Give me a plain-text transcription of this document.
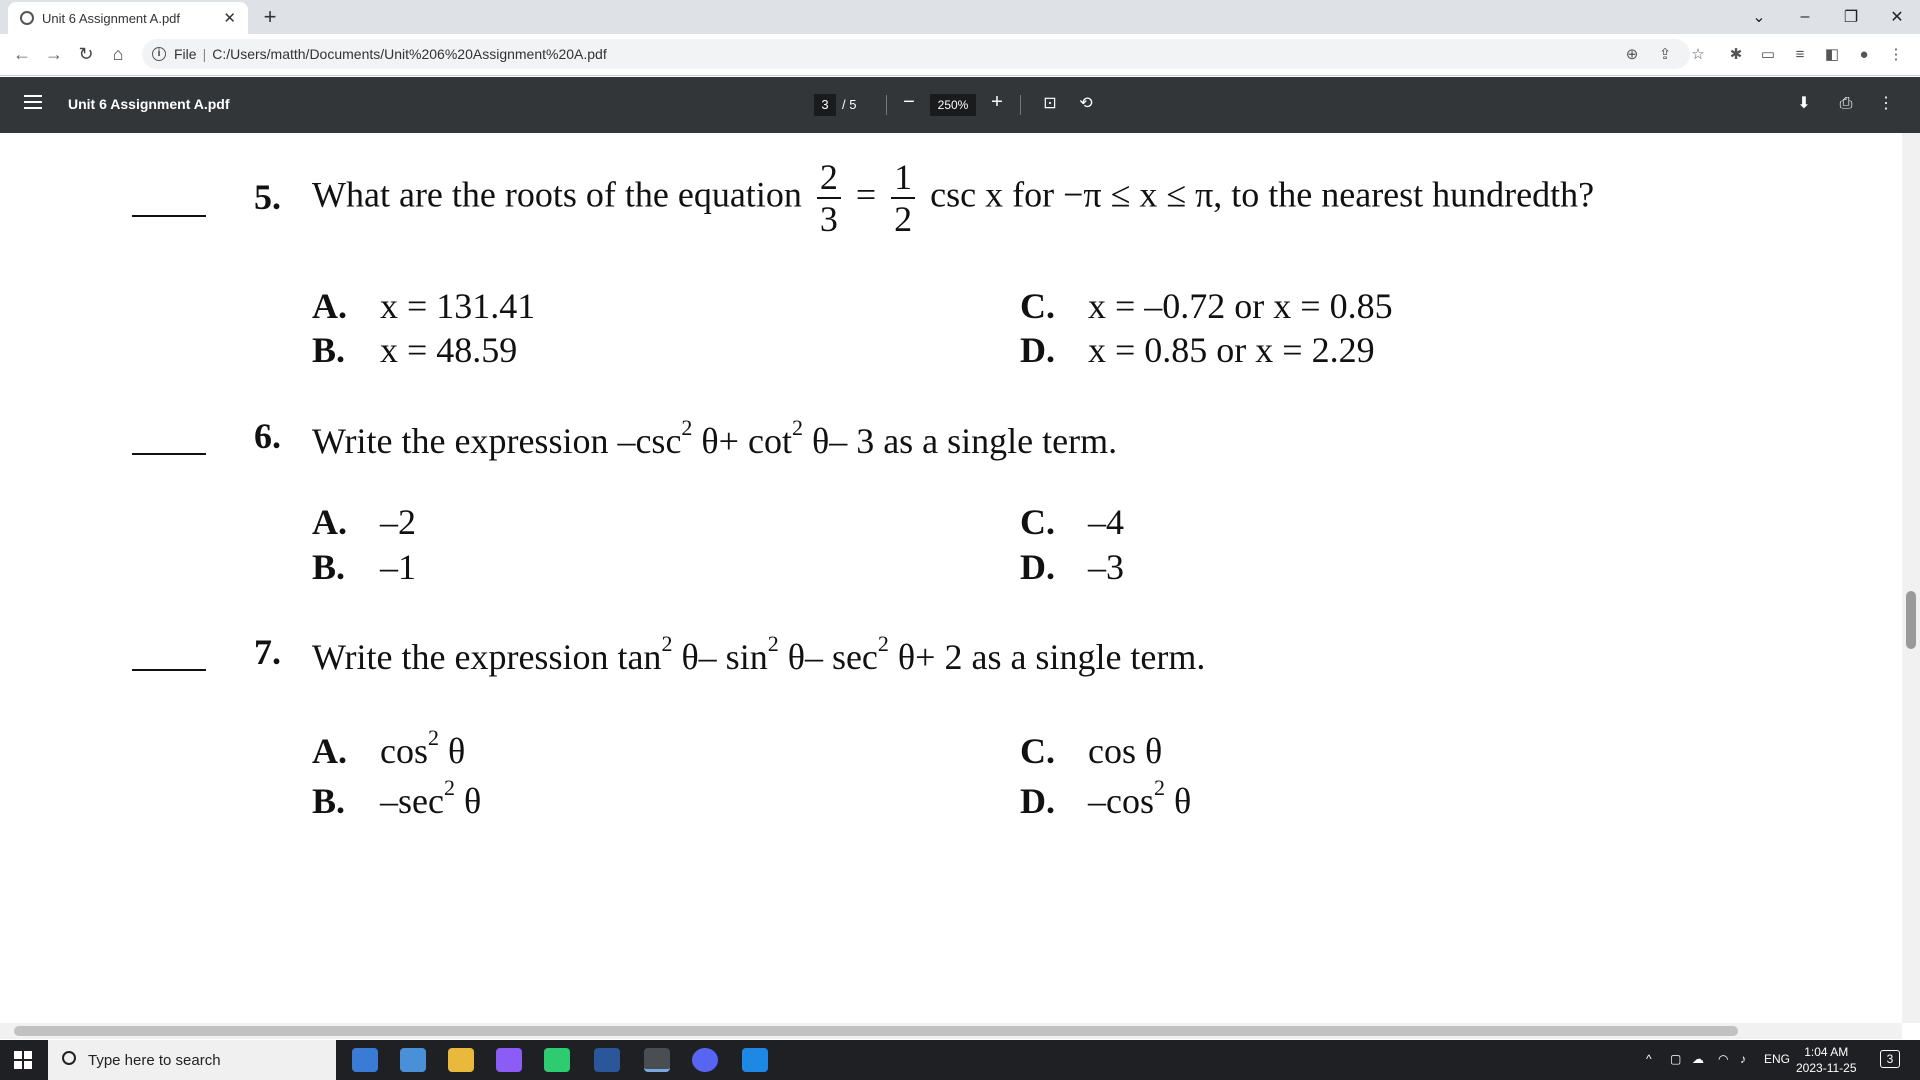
Unit 6 Assignment A.pdf	✕	+	⌄	–	❐	✕
← → ↻	⌂	i File | C:/Users/matth/Documents/Unit%206%20Assignment%20A.pdf	⊕ ⇪ ☆ ✱ ▭	≡	◧	●	⋮
Unit 6 Assignment A.pdf	3	/ 5 −	250%	+	⊡	⟲	⬇	⎙	⋮
5. What are the roots of the equation $\frac{2}{3} = \frac{1}{2}$ csc x for −π ≤ x ≤ π, to the nearest hundredth?
A. x = 131.41
B. x = 48.59
C. x = –0.72 or x = 0.85
D. x = 0.85 or x = 2.29
6. Write the expression $-\csc^2$ $\theta+ \cot^2 \theta-$ 3 as a single term.
A. –2
B. –1
C. –4
D. –3
7. Write the expression $\tan^2 \theta-$ $\sin^2 \theta-$ $\sec^2 \theta+ 2$ as a single term.
A. $\cos^2 \theta$
B. $-\sec^2$ θ
C. cos θ
D. $-\cos^2$ θ
Type here to search	^ ▢ ☁ ◠ ♪ ENG	1:04 AM
2023-11-25
3
